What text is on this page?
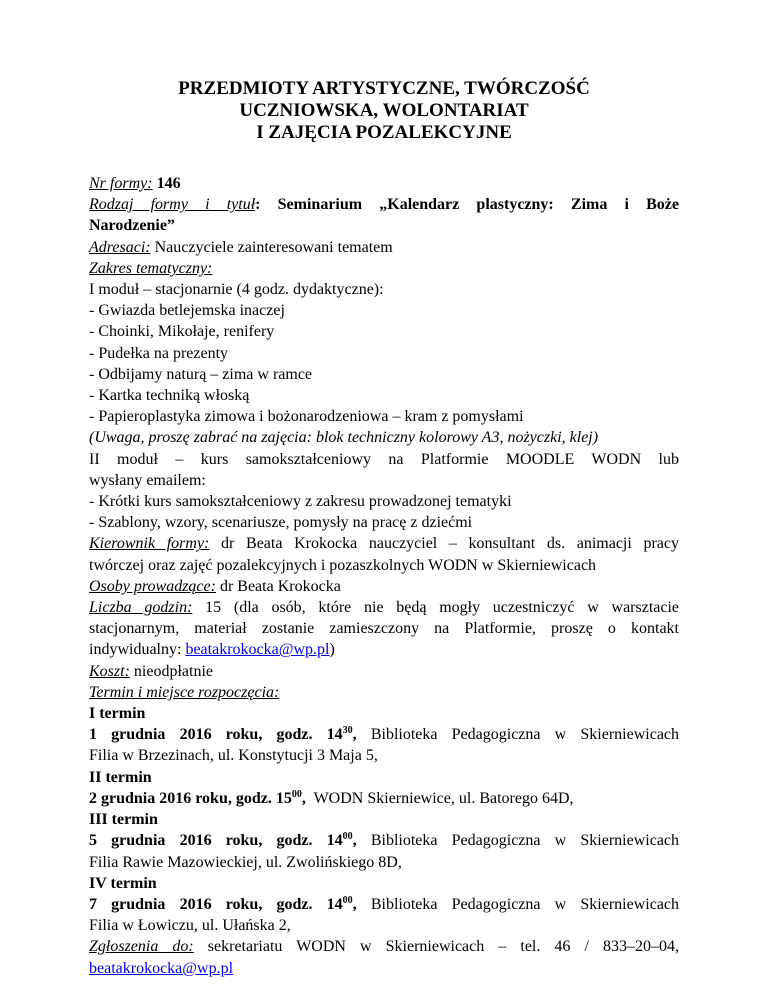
PRZEDMIOTY ARTYSTYCZNE, TWÓRCZOŚĆ
UCZNIOWSKA, WOLONTARIAT
I ZAJĘCIA POZALEKCYJNE
Nr formy: 146
Rodzaj formy i tytuł: Seminarium „Kalendarz plastyczny: Zima i Boże
Narodzenie”
Adresaci: Nauczyciele zainteresowani tematem
Zakres tematyczny:
I moduł – stacjonarnie (4 godz. dydaktyczne):
- Gwiazda betlejemska inaczej
- Choinki, Mikołaje, renifery
- Pudełka na prezenty
- Odbijamy naturą – zima w ramce
- Kartka techniką włoską
- Papieroplastyka zimowa i bożonarodzeniowa – kram z pomysłami
(Uwaga, proszę zabrać na zajęcia: blok techniczny kolorowy A3, nożyczki, klej)
II moduł – kurs samokształceniowy na Platformie MOODLE WODN lub
wysłany emailem:
- Krótki kurs samokształceniowy z zakresu prowadzonej tematyki
- Szablony, wzory, scenariusze, pomysły na pracę z dziećmi
Kierownik formy: dr Beata Krokocka nauczyciel – konsultant ds. animacji pracy
twórczej oraz zajęć pozalekcyjnych i pozaszkolnych WODN w Skierniewicach
Osoby prowadzące: dr Beata Krokocka
Liczba godzin: 15 (dla osób, które nie będą mogły uczestniczyć w warsztacie
stacjonarnym, materiał zostanie zamieszczony na Platformie, proszę o kontakt
indywidualny: beatakrokocka@wp.pl)
Koszt: nieodpłatnie
Termin i miejsce rozpoczęcia:
I termin
1 grudnia 2016 roku, godz. $14^{30}$, Biblioteka Pedagogiczna w Skierniewicach
Filia w Brzezinach, ul. Konstytucji 3 Maja 5,
II termin
2 grudnia 2016 roku, godz. $15^{00}$, WODN Skierniewice, ul. Batorego 64D,
III termin
5 grudnia 2016 roku, godz. $14^{00}$, Biblioteka Pedagogiczna w Skierniewicach
Filia Rawie Mazowieckiej, ul. Zwolińskiego 8D,
IV termin
7 grudnia 2016 roku, godz. $14^{00}$, Biblioteka Pedagogiczna w Skierniewicach
Filia w Łowiczu, ul. Ułańska 2,
Zgłoszenia do: sekretariatu WODN w Skierniewicach – tel. 46 / 833–20–04,
beatakrokocka@wp.pl
